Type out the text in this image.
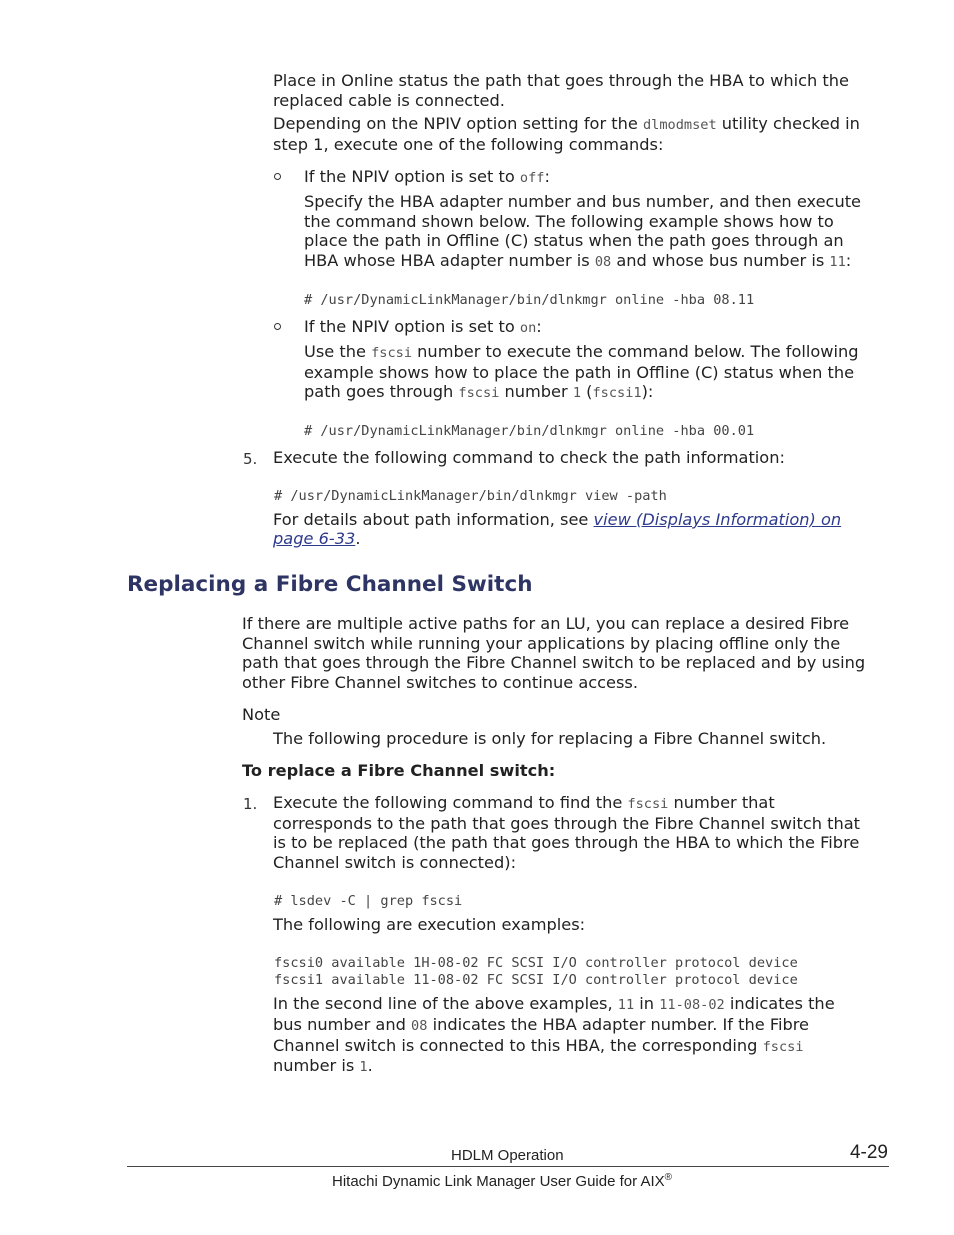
Place in Online status the path that goes through the HBA to which the
replaced cable is connected.
Depending on the NPIV option setting for the dlmodmset utility checked in
step 1, execute one of the following commands:
If the NPIV option is set to off:
Specify the HBA adapter number and bus number, and then execute
the command shown below. The following example shows how to
place the path in Offline (C) status when the path goes through an
HBA whose HBA adapter number is 08 and whose bus number is 11:
# /usr/DynamicLinkManager/bin/dlnkmgr online -hba 08.11
If the NPIV option is set to on:
Use the fscsi number to execute the command below. The following
example shows how to place the path in Offline (C) status when the
path goes through fscsi number 1 (fscsi1):
# /usr/DynamicLinkManager/bin/dlnkmgr online -hba 00.01
5. Execute the following command to check the path information:
# /usr/DynamicLinkManager/bin/dlnkmgr view -path
For details about path information, see view (Displays Information) on
page 6-33.
Replacing a Fibre Channel Switch
If there are multiple active paths for an LU, you can replace a desired Fibre
Channel switch while running your applications by placing offline only the
path that goes through the Fibre Channel switch to be replaced and by using
other Fibre Channel switches to continue access.
Note
The following procedure is only for replacing a Fibre Channel switch.
To replace a Fibre Channel switch:
1. Execute the following command to find the fscsi number that
corresponds to the path that goes through the Fibre Channel switch that
is to be replaced (the path that goes through the HBA to which the Fibre
Channel switch is connected):
# lsdev -C | grep fscsi
The following are execution examples:
fscsi0 available 1H-08-02 FC SCSI I/O controller protocol device
fscsi1 available 11-08-02 FC SCSI I/O controller protocol device
In the second line of the above examples, 11 in 11-08-02 indicates the
bus number and 08 indicates the HBA adapter number. If the Fibre
Channel switch is connected to this HBA, the corresponding fscsi
number is 1.
HDLM Operation	4-29
Hitachi Dynamic Link Manager User Guide for AIX®
